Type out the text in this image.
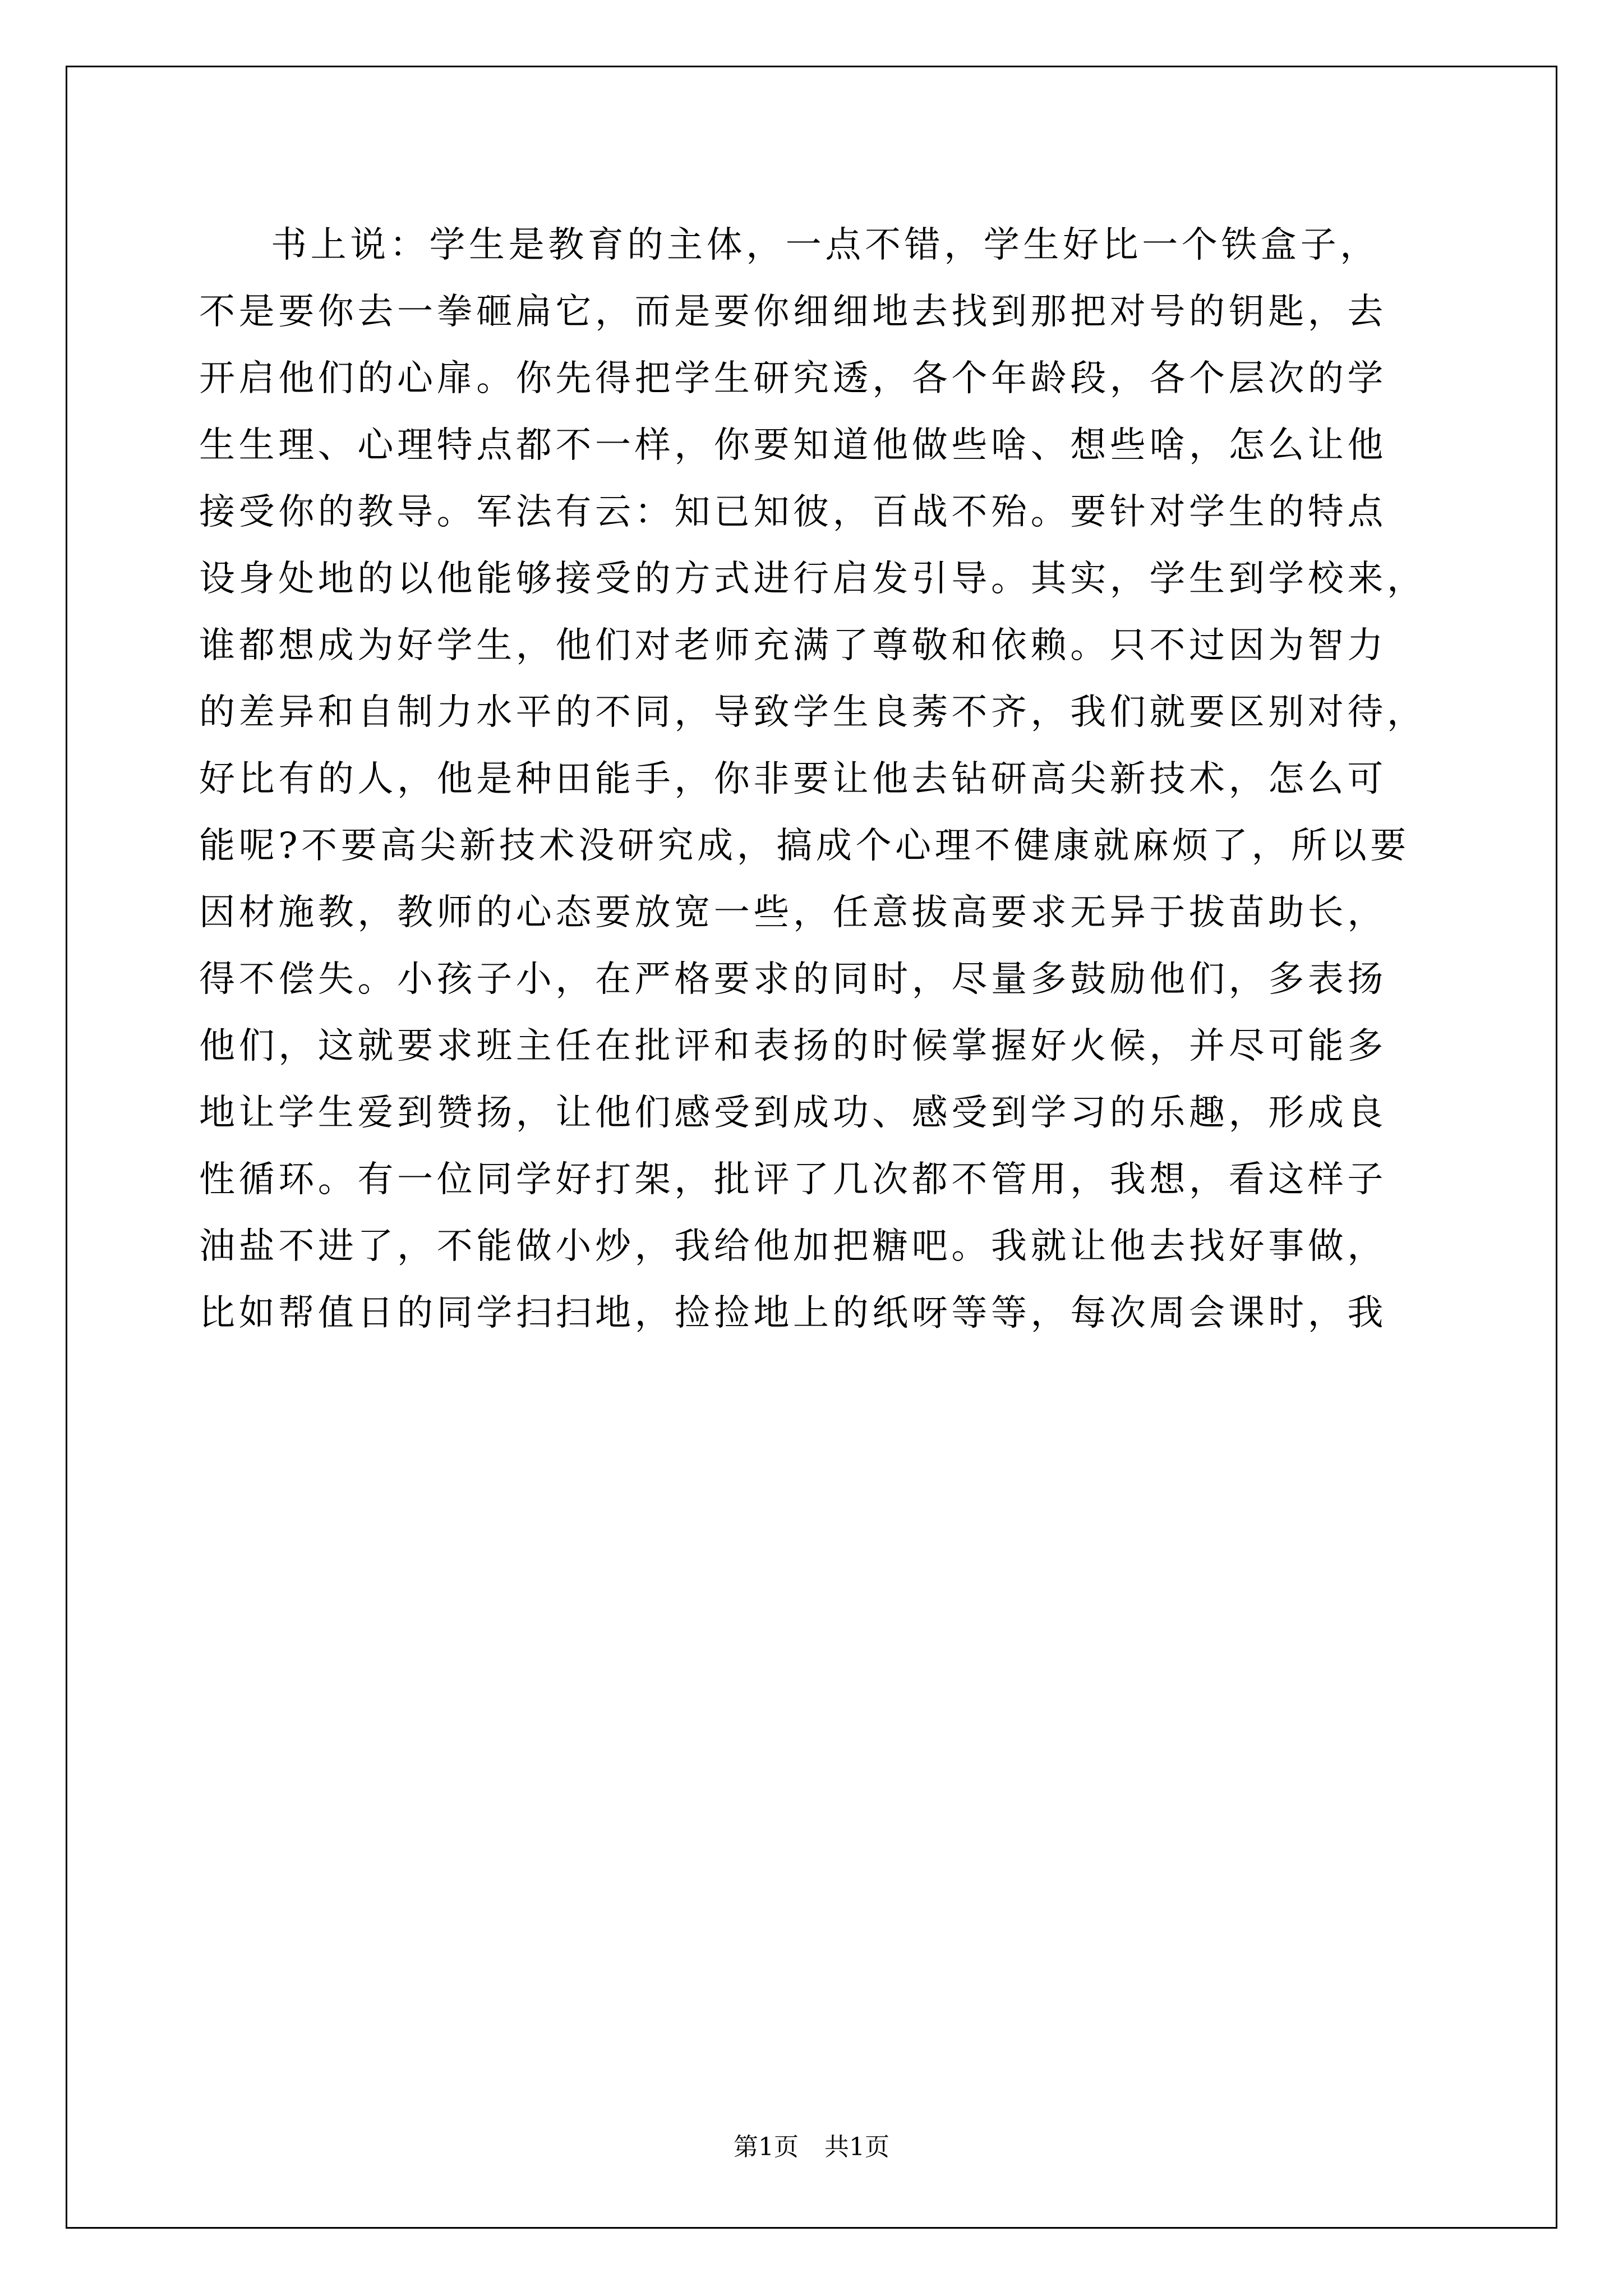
书上说：学生是教育的主体，一点不错，学生好比一个铁盒子，
不是要你去一拳砸扁它，而是要你细细地去找到那把对号的钥匙，去
开启他们的心扉。你先得把学生研究透，各个年龄段，各个层次的学
生生理、心理特点都不一样，你要知道他做些啥、想些啥，怎么让他
接受你的教导。军法有云：知已知彼，百战不殆。要针对学生的特点
设身处地的以他能够接受的方式进行启发引导。其实，学生到学校来，
谁都想成为好学生，他们对老师充满了尊敬和依赖。只不过因为智力
的差异和自制力水平的不同，导致学生良莠不齐，我们就要区别对待，
好比有的人，他是种田能手，你非要让他去钻研高尖新技术，怎么可
能呢?不要高尖新技术没研究成，搞成个心理不健康就麻烦了，所以要
因材施教，教师的心态要放宽一些，任意拔高要求无异于拔苗助长，
得不偿失。小孩子小，在严格要求的同时，尽量多鼓励他们，多表扬
他们，这就要求班主任在批评和表扬的时候掌握好火候，并尽可能多
地让学生爱到赞扬，让他们感受到成功、感受到学习的乐趣，形成良
性循环。有一位同学好打架，批评了几次都不管用，我想，看这样子
油盐不进了，不能做小炒，我给他加把糖吧。我就让他去找好事做，
比如帮值日的同学扫扫地，捡捡地上的纸呀等等，每次周会课时，我
第1页 共1页
